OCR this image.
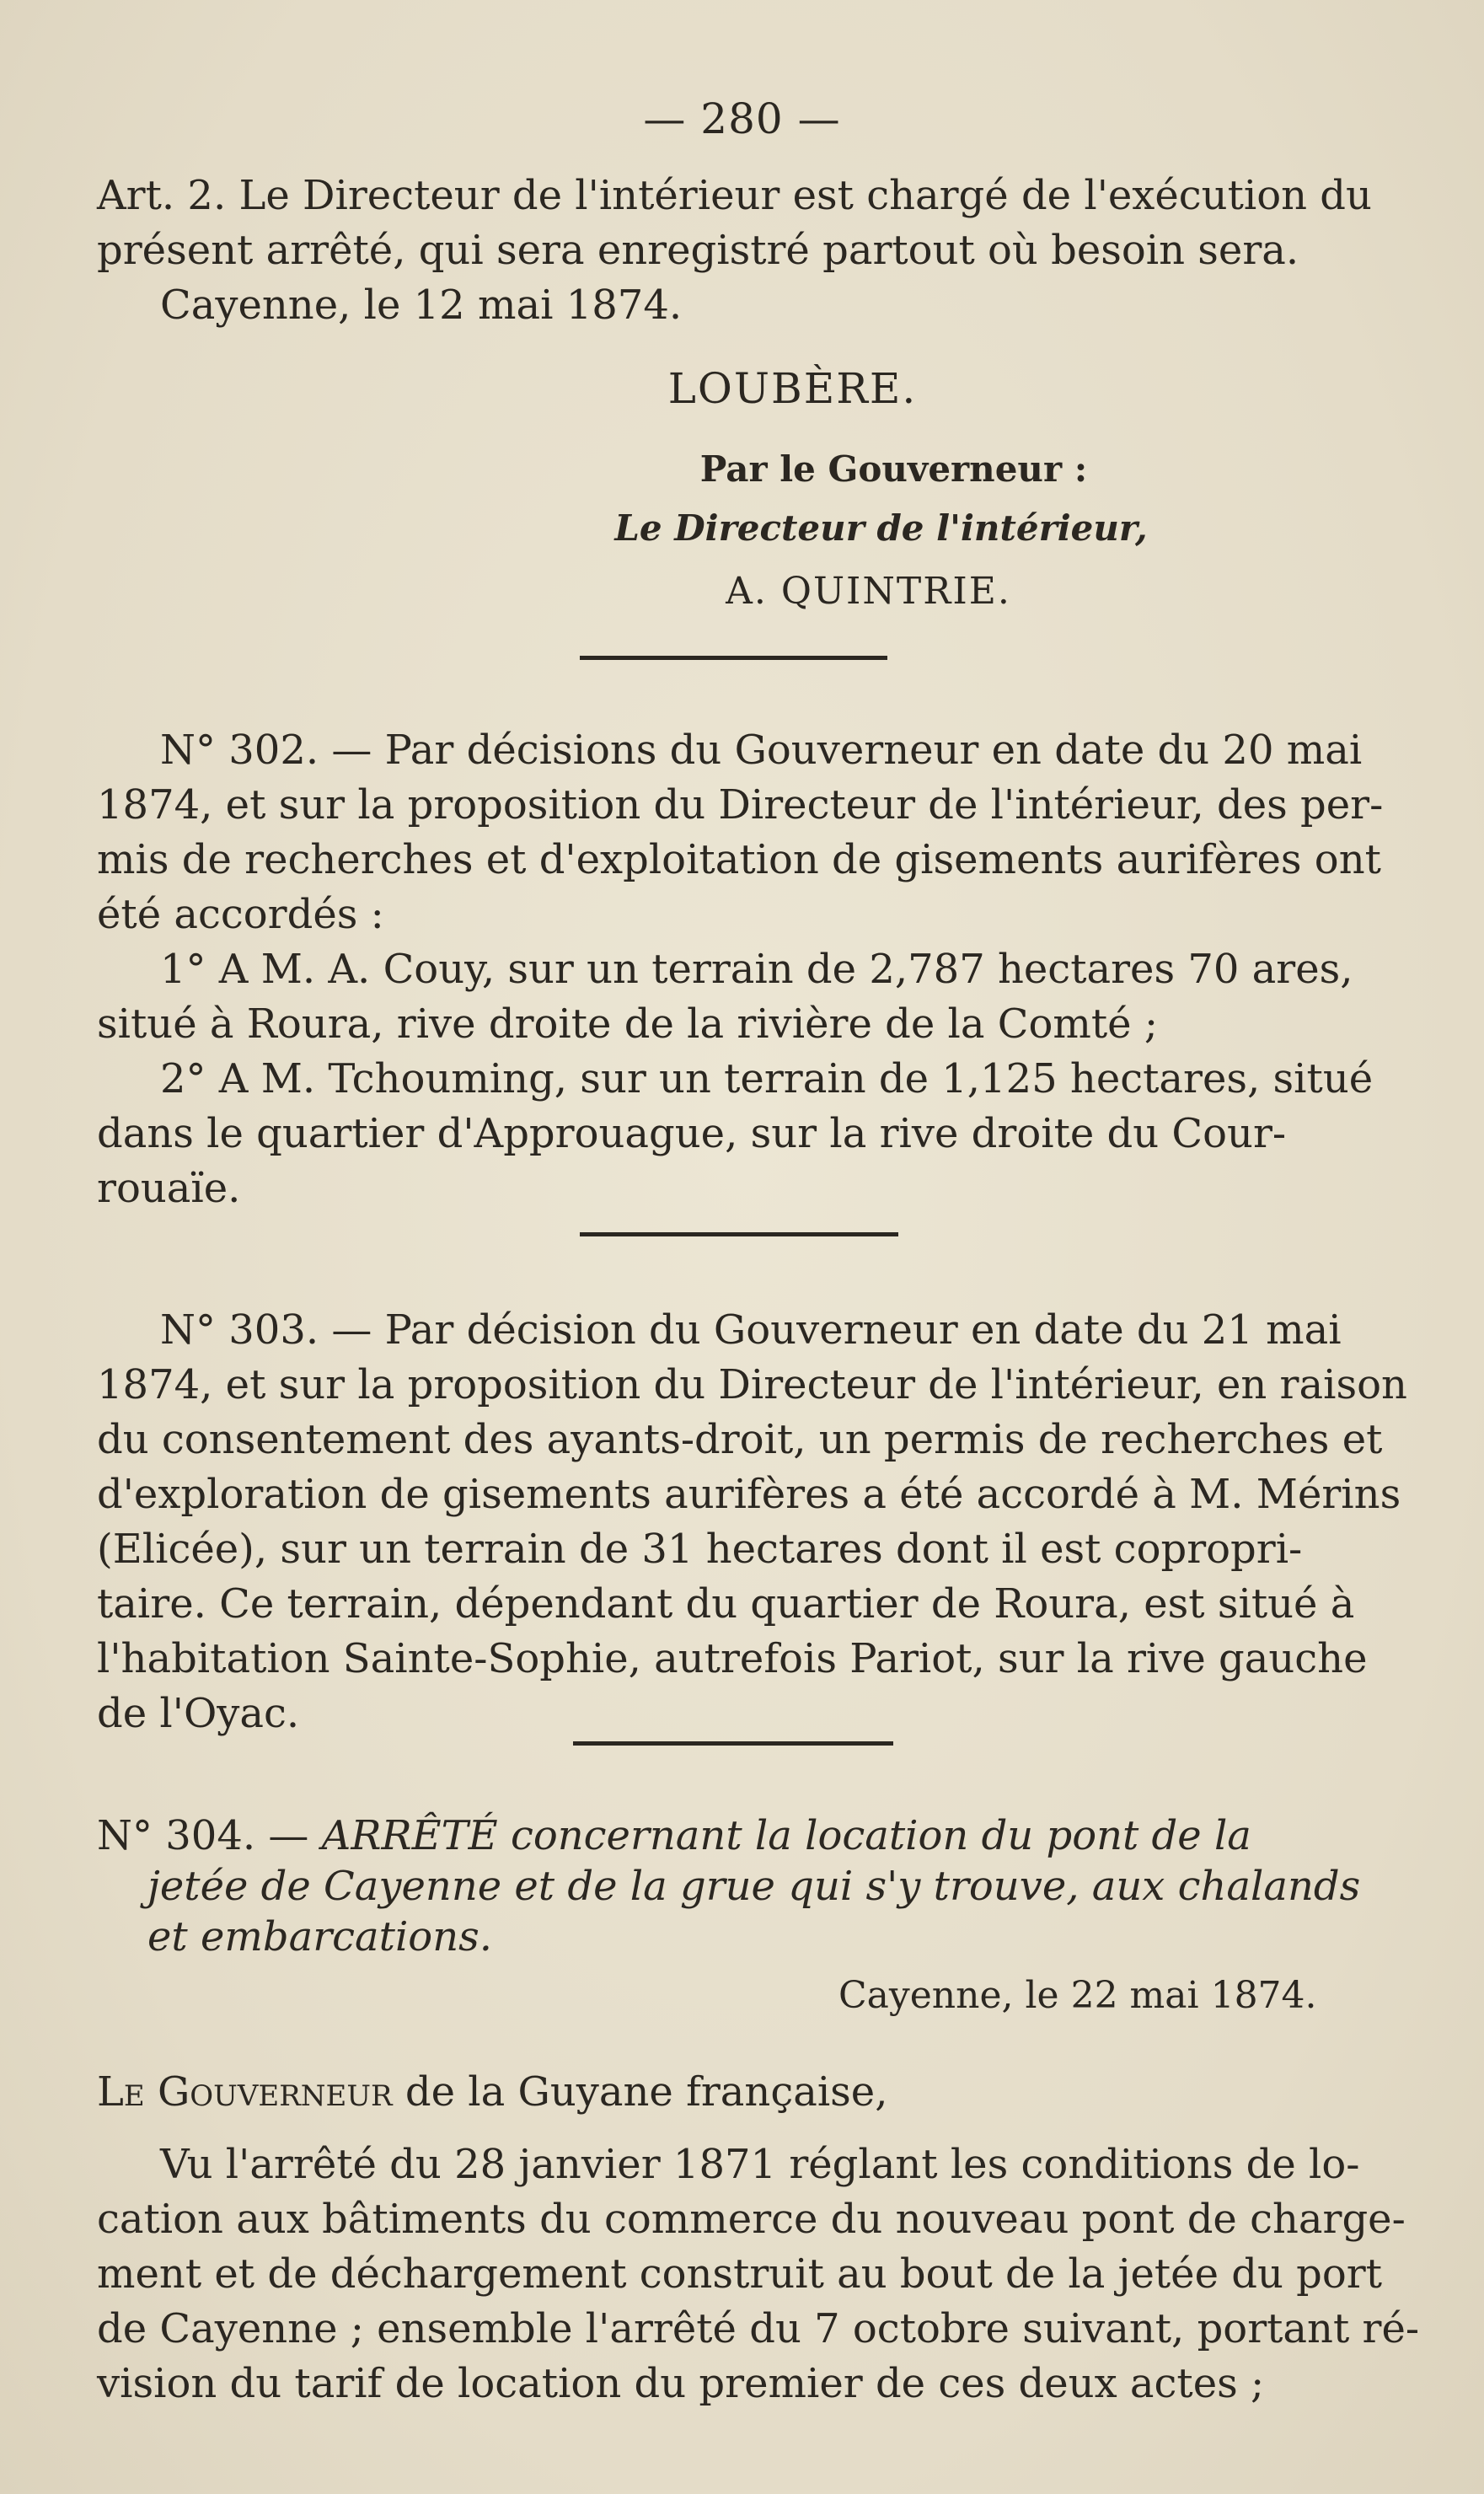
— 280 —
Art. 2. Le Directeur de l'intérieur est chargé de l'exécution du
présent arrêté, qui sera enregistré partout où besoin sera.
Cayenne, le 12 mai 1874.
LOUBÈRE.
Par le Gouverneur :
Le Directeur de l'intérieur,
A. QUINTRIE.
N° 302. — Par décisions du Gouverneur en date du 20 mai
1874, et sur la proposition du Directeur de l'intérieur, des per-
mis de recherches et d'exploitation de gisements aurifères ont
été accordés :
1° A M. A. Couy, sur un terrain de 2,787 hectares 70 ares,
situé à Roura, rive droite de la rivière de la Comté ;
2° A M. Tchouming, sur un terrain de 1,125 hectares, situé
dans le quartier d'Approuague, sur la rive droite du Cour-
rouaïe.
N° 303. — Par décision du Gouverneur en date du 21 mai
1874, et sur la proposition du Directeur de l'intérieur, en raison
du consentement des ayants-droit, un permis de recherches et
d'exploration de gisements aurifères a été accordé à M. Mérins
(Elicée), sur un terrain de 31 hectares dont il est copropri-
taire. Ce terrain, dépendant du quartier de Roura, est situé à
l'habitation Sainte-Sophie, autrefois Pariot, sur la rive gauche
de l'Oyac.
N° 304. — ARRÊTÉ concernant la location du pont de la
jetée de Cayenne et de la grue qui s'y trouve, aux chalands
et embarcations.
Cayenne, le 22 mai 1874.
Le Gouverneur de la Guyane française,
Vu l'arrêté du 28 janvier 1871 réglant les conditions de lo-
cation aux bâtiments du commerce du nouveau pont de charge-
ment et de déchargement construit au bout de la jetée du port
de Cayenne ; ensemble l'arrêté du 7 octobre suivant, portant ré-
vision du tarif de location du premier de ces deux actes ;
